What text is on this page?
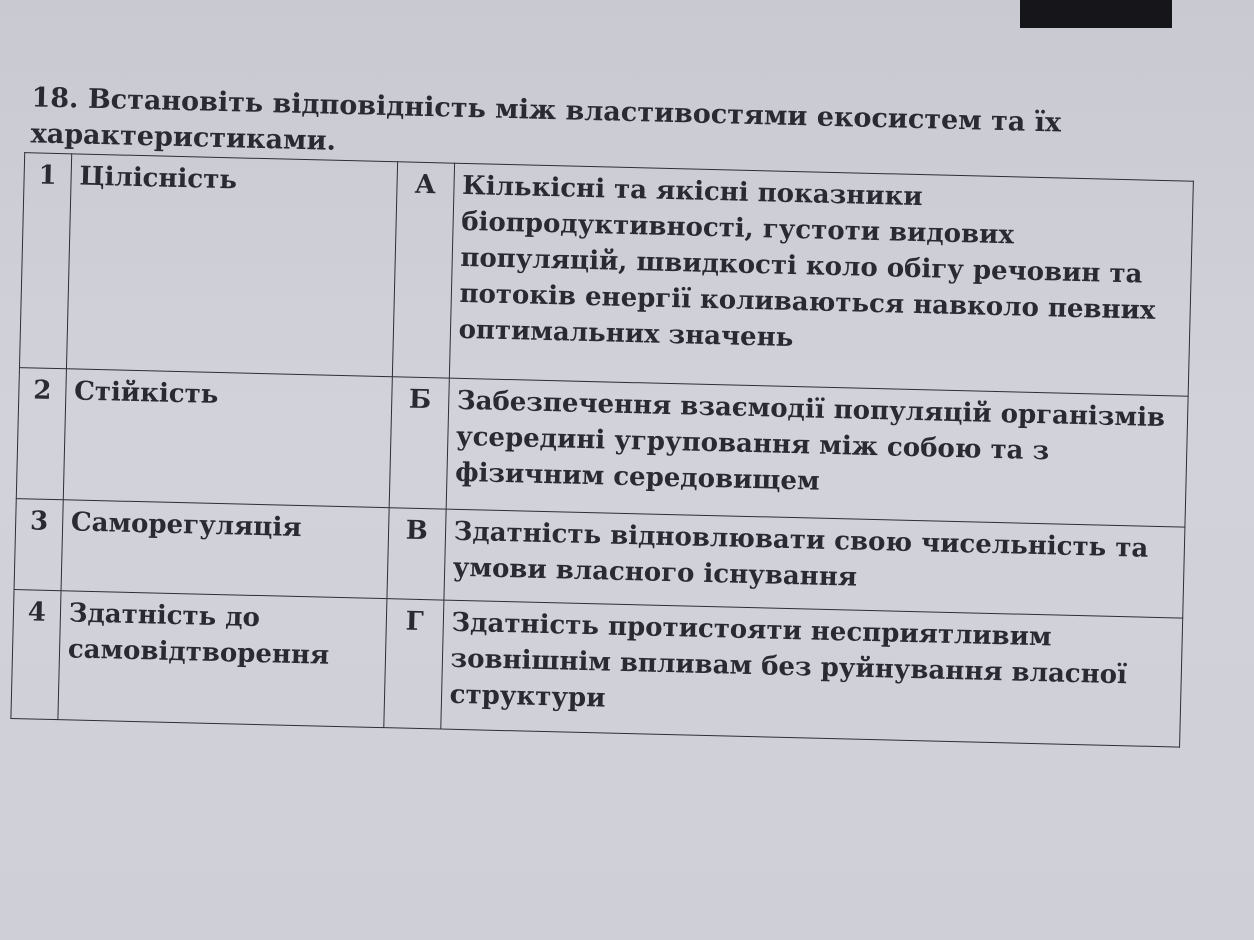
18. Встановіть відповідність між властивостями екосистем та їх характеристиками.

1	Цілісність	А	Кількісні та якісні показники біопродуктивності, густоти видових популяцій, швидкості коло обігу речовин та потоків енергії коливаються навколо певних оптимальних значень
2	Стійкість	Б	Забезпечення взаємодії популяцій організмів усередині угруповання між собою та з фізичним середовищем
3	Саморегуляція	В	Здатність відновлювати свою чисельність та умови власного існування
4	Здатність до самовідтворення	Г	Здатність протистояти несприятливим зовнішнім впливам без руйнування власної структури
